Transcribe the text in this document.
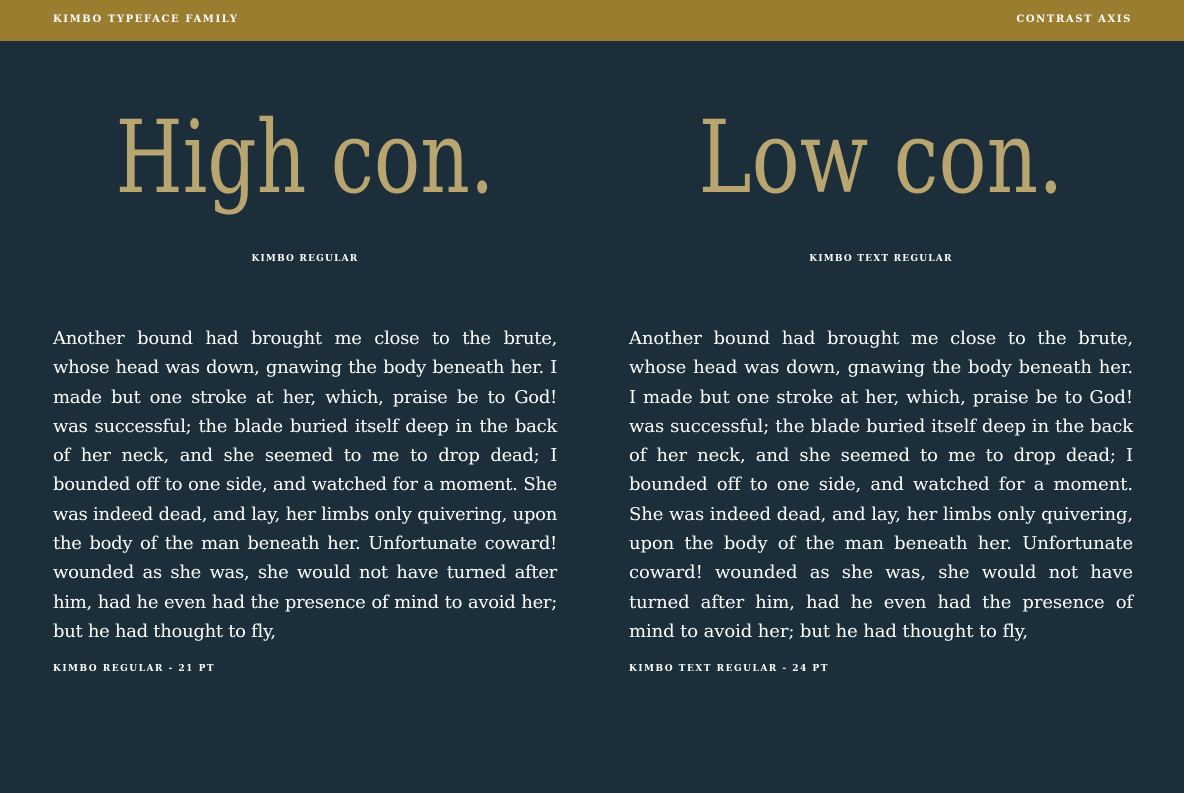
KIMBO TYPEFACE FAMILY	CONTRAST AXIS
High con.
KIMBO REGULAR
Another bound had brought me close to the brute, whose head was down, gnawing the body beneath her. I made but one stroke at her, which, praise be to God! was successful; the blade buried itself deep in the back of her neck, and she seemed to me to drop dead; I bounded off to one side, and watched for a moment. She was indeed dead, and lay, her limbs only quivering, upon the body of the man beneath her. Unfortunate coward! wounded as she was, she would not have turned after him, had he even had the presence of mind to avoid her; but he had thought to fly,
KIMBO REGULAR - 21 PT
Low con.
KIMBO TEXT REGULAR
Another bound had brought me close to the brute, whose head was down, gnawing the body beneath her. I made but one stroke at her, which, praise be to God! was successful; the blade buried itself deep in the back of her neck, and she seemed to me to drop dead; I bounded off to one side, and watched for a moment. She was indeed dead, and lay, her limbs only quivering, upon the body of the man beneath her. Unfortunate coward! wounded as she was, she would not have turned after him, had he even had the presence of mind to avoid her; but he had thought to fly,
KIMBO TEXT REGULAR - 24 PT
